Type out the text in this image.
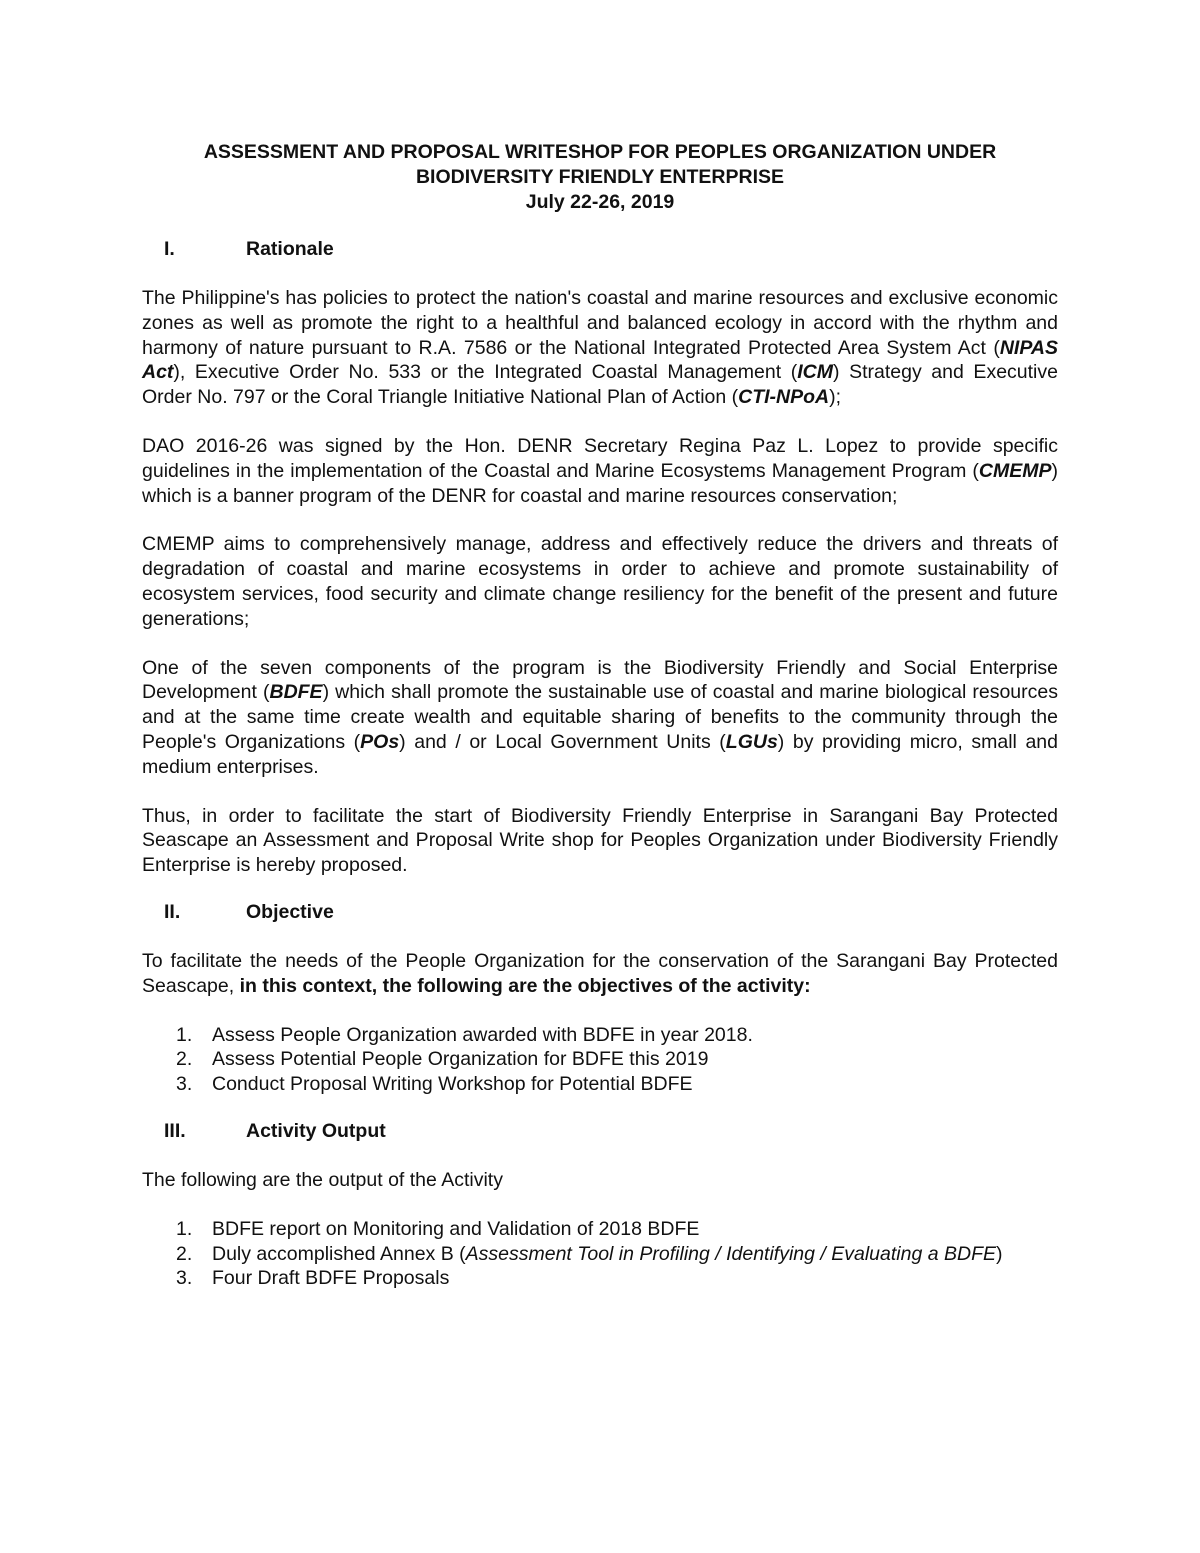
ASSESSMENT AND PROPOSAL WRITESHOP FOR PEOPLES ORGANIZATION UNDER
BIODIVERSITY FRIENDLY ENTERPRISE
July 22-26, 2019
I.	Rationale

The Philippine's has policies to protect the nation's coastal and marine resources and exclusive economic zones as well as promote the right to a healthful and balanced ecology in accord with the rhythm and harmony of nature pursuant to R.A. 7586 or the National Integrated Protected Area System Act (NIPAS Act), Executive Order No. 533 or the Integrated Coastal Management (ICM) Strategy and Executive Order No. 797 or the Coral Triangle Initiative National Plan of Action (CTI-NPoA);

DAO 2016-26 was signed by the Hon. DENR Secretary Regina Paz L. Lopez to provide specific guidelines in the implementation of the Coastal and Marine Ecosystems Management Program (CMEMP) which is a banner program of the DENR for coastal and marine resources conservation;

CMEMP aims to comprehensively manage, address and effectively reduce the drivers and threats of degradation of coastal and marine ecosystems in order to achieve and promote sustainability of ecosystem services, food security and climate change resiliency for the benefit of the present and future generations;

One of the seven components of the program is the Biodiversity Friendly and Social Enterprise Development (BDFE) which shall promote the sustainable use of coastal and marine biological resources and at the same time create wealth and equitable sharing of benefits to the community through the People's Organizations (POs) and / or Local Government Units (LGUs) by providing micro, small and medium enterprises.

Thus, in order to facilitate the start of Biodiversity Friendly Enterprise in Sarangani Bay Protected Seascape an Assessment and Proposal Write shop for Peoples Organization under Biodiversity Friendly Enterprise is hereby proposed.

II.	Objective

To facilitate the needs of the People Organization for the conservation of the Sarangani Bay Protected Seascape, in this context, the following are the objectives of the activity:

1.	Assess People Organization awarded with BDFE in year 2018.
2.	Assess Potential People Organization for BDFE this 2019
3.	Conduct Proposal Writing Workshop for Potential BDFE
III.	Activity Output

The following are the output of the Activity

1.	BDFE report on Monitoring and Validation of 2018 BDFE
2.	Duly accomplished Annex B (Assessment Tool in Profiling / Identifying / Evaluating a BDFE)
3.	Four Draft BDFE Proposals
